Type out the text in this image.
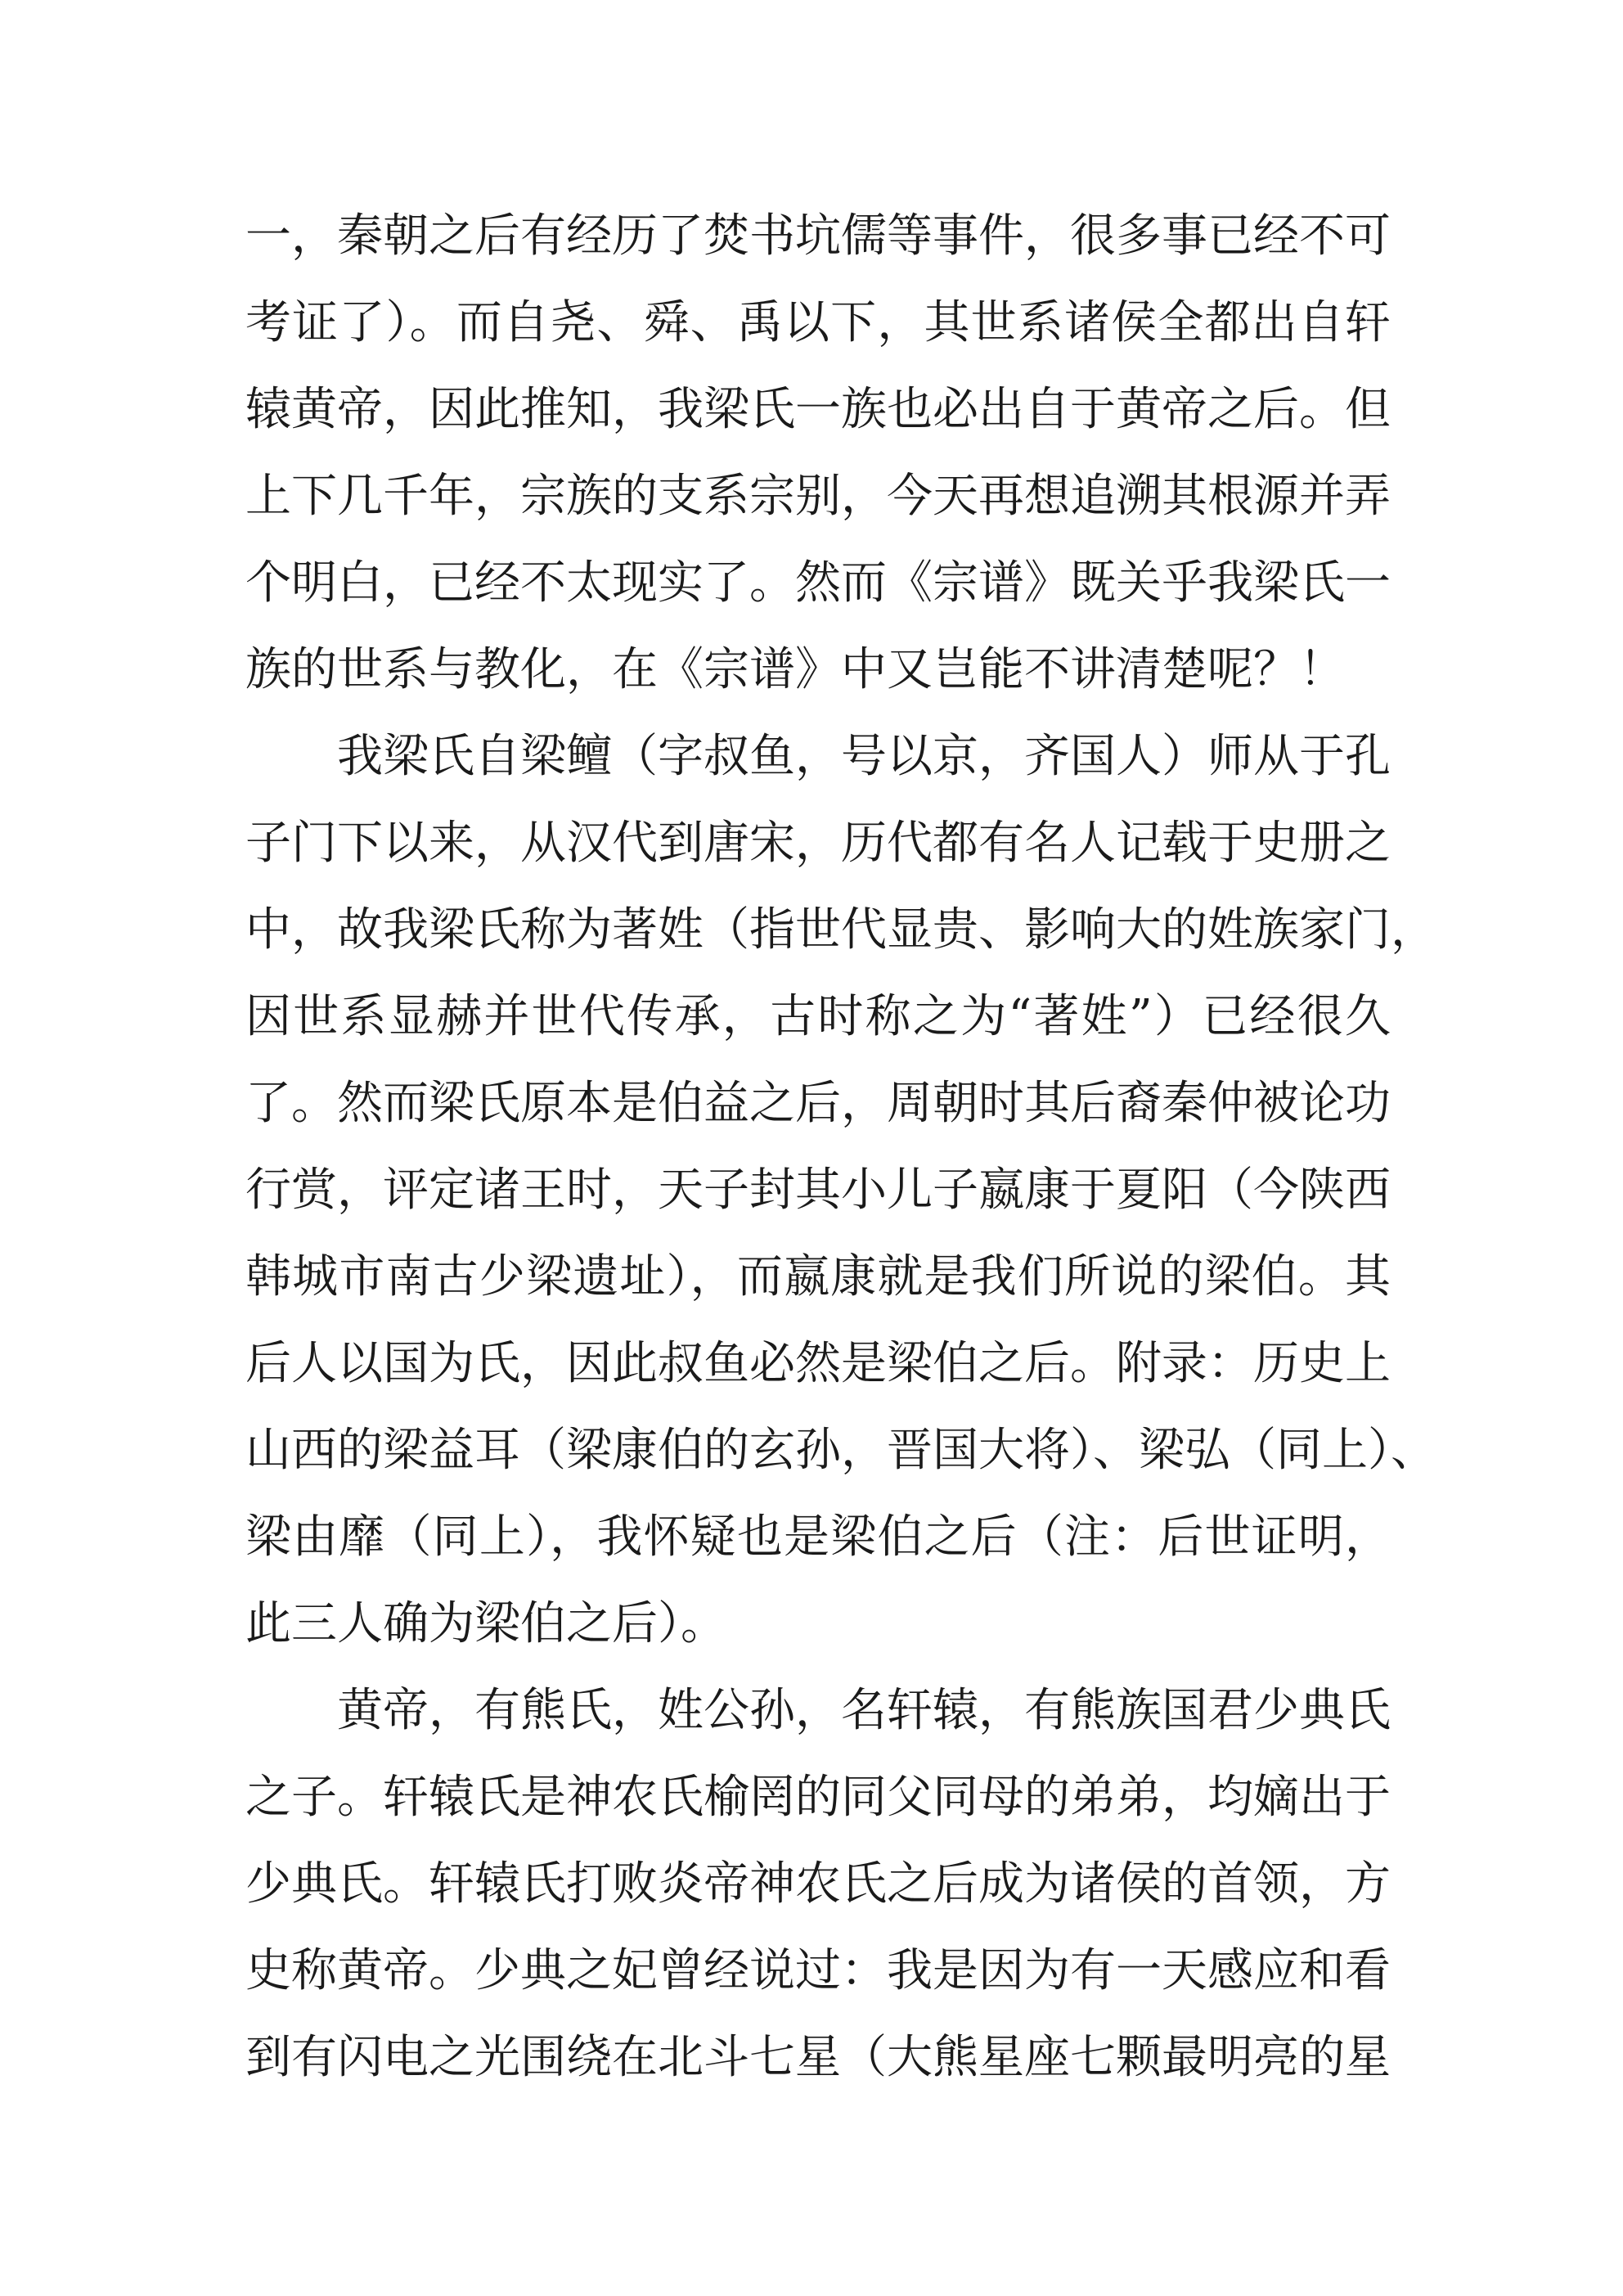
一，秦朝之后有经历了焚书坑儒等事件，很多事已经不可
考证了）。而自尧、舜、禹以下，其世系诸侯全都出自轩
辕黄帝，因此推知，我梁氏一族也必出自于黄帝之后。但
上下几千年，宗族的支系宗别，今天再想追溯其根源并弄
个明白，已经不太现实了。然而《宗谱》既关乎我梁氏一
族的世系与教化，在《宗谱》中又岂能不讲清楚呢？！
我梁氏自梁鳣（字叔鱼，号以京，齐国人）师从于孔
子门下以来，从汉代到唐宋，历代都有名人记载于史册之
中，故我梁氏称为著姓（指世代显贵、影响大的姓族家门，
因世系显赫并世代传承，古时称之为“著姓”）已经很久
了。然而梁氏原本是伯益之后，周朝时其后裔秦仲被论功
行赏，评定诸王时，天子封其小儿子嬴康于夏阳（今陕西
韩城市南古少梁遗址），而嬴康就是我们所说的梁伯。其
后人以国为氏，因此叔鱼必然是梁伯之后。附录：历史上
山西的梁益耳（梁康伯的玄孙，晋国大将）、梁弘（同上）、
梁由靡（同上），我怀疑也是梁伯之后（注：后世证明，
此三人确为梁伯之后）。
黄帝，有熊氏，姓公孙，名轩辕，有熊族国君少典氏
之子。轩辕氏是神农氏榆罔的同父同母的弟弟，均嫡出于
少典氏。轩辕氏打败炎帝神农氏之后成为诸侯的首领，方
史称黄帝。少典之妃曾经说过：我是因为有一天感应和看
到有闪电之光围绕在北斗七星（大熊星座七颗最明亮的星
